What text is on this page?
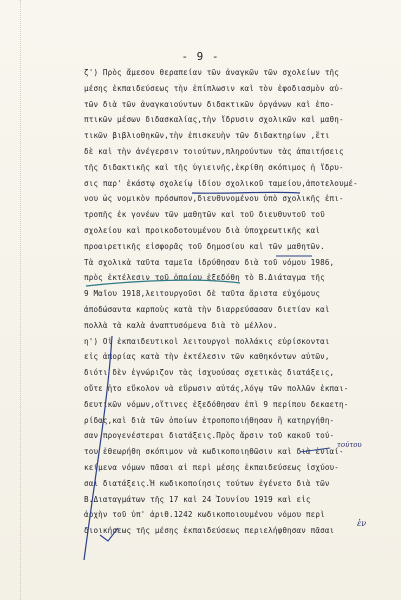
- 9 -
ζ') Πρὸς ἄμεσον θεραπείαν τῶν ἀναγκῶν τῶν σχολείων τῆς
μέσης ἐκπαιδεύσεως τὴν ἐπίπλωσιν καὶ τὸν ἐφοδιασμὸν αὐ-
τῶν διὰ τῶν ἀναγκαιούντων διδακτικῶν ὀργάνων καὶ ἐπο-
πτικῶν μέσων διδασκαλίας,τὴν ἵδρυσιν σχολικῶν καὶ μαθη-
τικῶν βιβλιοθηκῶν,τὴν ἐπισκευὴν τῶν διδακτηρίων ,ἔτι
δὲ καὶ τὴν ἀνέγερσιν τοιούτων,πληρούντων τὰς ἀπαιτήσεις
τῆς διδακτικῆς καὶ τῆς ὑγιεινῆς,ἐκρίθη σκόπιμος ἡ ἵδρυ-
σις παρ' ἑκάστῳ σχολείῳ ἰδίου σχολικοῦ ταμείου,ἀποτελουμέ-
νου ὡς νομικὸν πρόσωπον,διευθυνομένου ὑπὸ σχολικῆς ἐπι-
τροπῆς ἐκ γονέων τῶν μαθητῶν καὶ τοῦ διευθυντοῦ τοῦ
σχολείου καὶ προικοδοτουμένου διὰ ὑποχρεωτικῆς καὶ
προαιρετικῆς εἰσφορᾶς τοῦ δημοσίου καὶ τῶν μαθητῶν.
Τὰ σχολικὰ ταῦτα ταμεῖα ἱδρύθησαν διὰ τοῦ νόμου 1986,
πρὸς ἐκτέλεσιν τοῦ ὁποίου ἐξεδόθη τὸ Β.Διάταγμα τῆς
9 Μαΐου 1918,λειτουργοῦσι δὲ ταῦτα ἄριστα εὐχόμους
ἀποδώσαντα καρποὺς κατὰ τὴν διαρρεύσασαν διετίαν καὶ
πολλὰ τὰ καλὰ ἀναπτυσόμενα διὰ τὸ μέλλον.
η') Οἱ ἐκπαιδευτικοὶ λειτουργοὶ πολλάκις εὑρίσκονται
εἰς ἀπορίας κατὰ τὴν ἐκτέλεσιν τῶν καθηκόντων αὐτῶν,
διότι δὲν ἐγνώριζον τὰς ἰσχυούσας σχετικὰς διατάξεις,
οὔτε ἦτο εὔκολον νὰ εὕρωσιν αὐτάς,λόγῳ τῶν πολλῶν ἐκπαι-
δευτικῶν νόμων,οἵτινες ἐξεδόθησαν ἐπὶ 9 περίπου δεκαετη-
ρίδας,καὶ διὰ τῶν ὁποίων ἐτροποποιήθησαν ἢ κατηργήθη-
σαν προγενέστεραι διατάξεις.Πρὸς ἄρσιν τοῦ κακοῦ τού-
του ἐθεωρήθη σκόπιμον νὰ κωδικοποιηθῶσιν καὶ διὰ ἑνιαί-
κείμενα νόμων πᾶσαι αἱ περὶ μέσης ἐκπαιδεύσεως ἰσχύου-
σαι διατάξεις.Ἡ κωδικοποίησις τούτων ἐγένετο διὰ τῶν
Β.Διαταγμάτων τῆς 17 καὶ 24 Ἰουνίου 1919 καὶ εἰς
ἀρχὴν τοῦ ὑπ' ἀριθ.1242 κωδικοποιουμένου νόμου περὶ
διοικήσεως τῆς μέσης ἐκπαιδεύσεως περιελήφθησαν πᾶσαι
τούτου
ἐν
